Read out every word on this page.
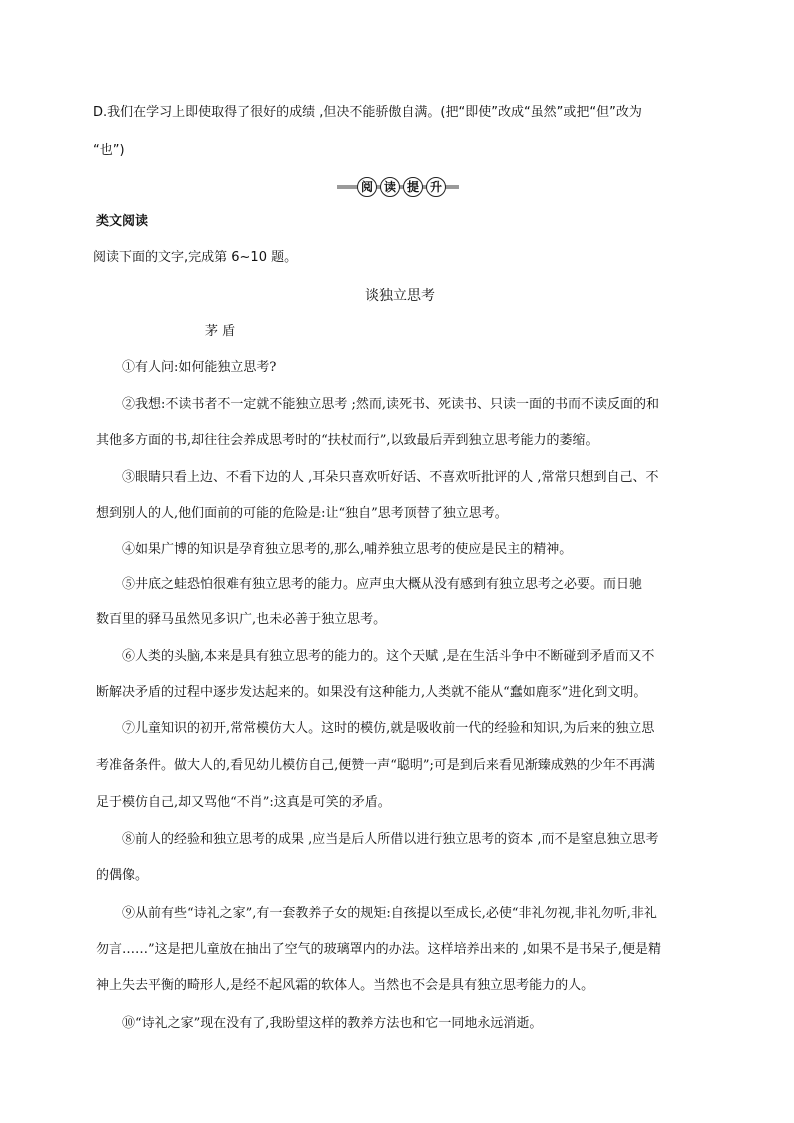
D.我们在学习上即使取得了很好的成绩 ,但决不能骄傲自满。(把“即使”改成“虽然”或把“但”改为
“也”)
阅 读 提 升
类文阅读
阅读下面的文字,完成第 6~10 题。
谈独立思考
茅 盾
①有人问:如何能独立思考?
②我想:不读书者不一定就不能独立思考 ;然而,读死书、死读书、只读一面的书而不读反面的和
其他多方面的书,却往往会养成思考时的“扶杖而行”,以致最后弄到独立思考能力的萎缩。
③眼睛只看上边、不看下边的人 ,耳朵只喜欢听好话、不喜欢听批评的人 ,常常只想到自己、不
想到别人的人,他们面前的可能的危险是:让“独自”思考顶替了独立思考。
④如果广博的知识是孕育独立思考的,那么,哺养独立思考的使应是民主的精神。
⑤井底之蛙恐怕很难有独立思考的能力。应声虫大概从没有感到有独立思考之必要。而日驰
数百里的驿马虽然见多识广,也未必善于独立思考。
⑥人类的头脑,本来是具有独立思考的能力的。这个天赋 ,是在生活斗争中不断碰到矛盾而又不
断解决矛盾的过程中逐步发达起来的。如果没有这种能力,人类就不能从“蠢如鹿豕”进化到文明。
⑦儿童知识的初开,常常模仿大人。这时的模仿,就是吸收前一代的经验和知识,为后来的独立思
考准备条件。做大人的,看见幼儿模仿自己,便赞一声“聪明”;可是到后来看见渐臻成熟的少年不再满
足于模仿自己,却又骂他“不肖”:这真是可笑的矛盾。
⑧前人的经验和独立思考的成果 ,应当是后人所借以进行独立思考的资本 ,而不是窒息独立思考
的偶像。
⑨从前有些“诗礼之家”,有一套教养子女的规矩:自孩提以至成长,必使“非礼勿视,非礼勿听,非礼
勿言……”这是把儿童放在抽出了空气的玻璃罩内的办法。这样培养出来的 ,如果不是书呆子,便是精
神上失去平衡的畸形人,是经不起风霜的软体人。当然也不会是具有独立思考能力的人。
⑩“诗礼之家”现在没有了,我盼望这样的教养方法也和它一同地永远消逝。
